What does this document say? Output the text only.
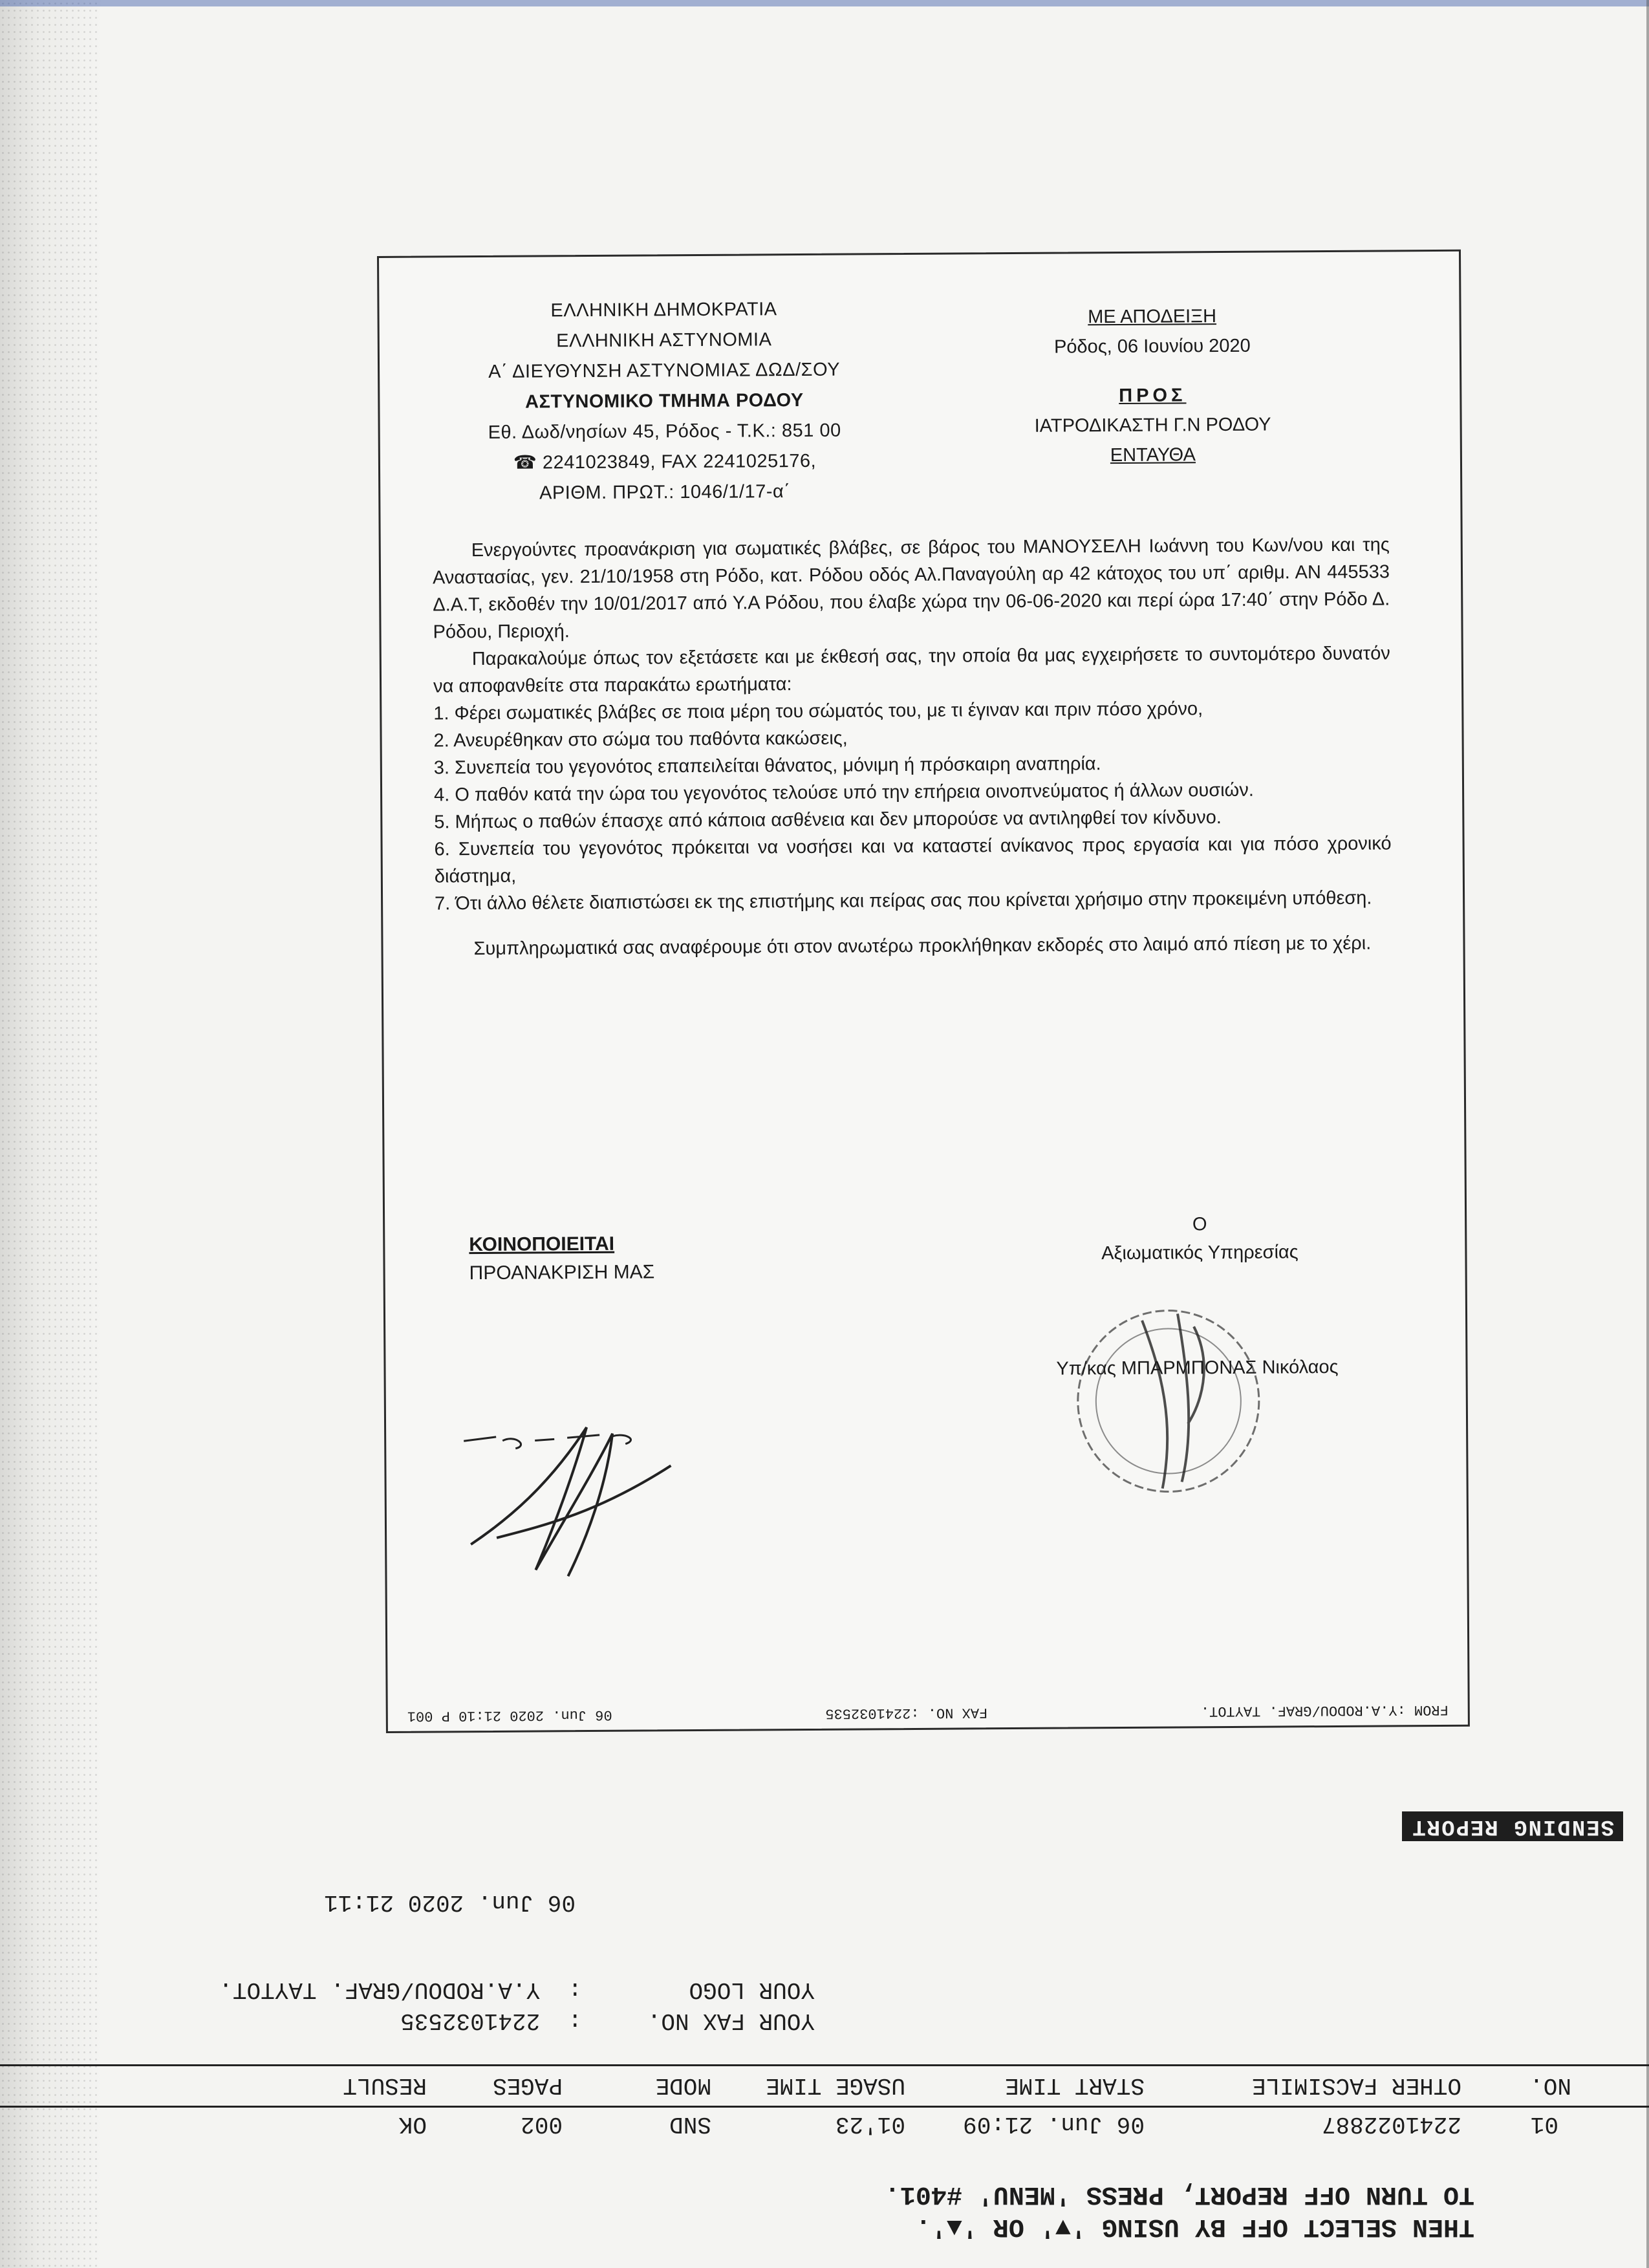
ΕΛΛΗΝΙΚΗ ΔΗΜΟΚΡΑΤΙΑ
ΕΛΛΗΝΙΚΗ ΑΣΤΥΝΟΜΙΑ
Α΄ ΔΙΕΥΘΥΝΣΗ ΑΣΤΥΝΟΜΙΑΣ ΔΩΔ/ΣΟΥ
ΑΣΤΥΝΟΜΙΚΟ ΤΜΗΜΑ ΡΟΔΟΥ
Εθ. Δωδ/νησίων 45, Ρόδος - Τ.Κ.: 851 00
☎ 2241023849, FAX 2241025176,
ΑΡΙΘΜ. ΠΡΩΤ.: 1046/1/17-α΄
ΜΕ ΑΠΟΔΕΙΞΗ
Ρόδος, 06 Ιουνίου 2020
ΠΡΟΣ
ΙΑΤΡΟΔΙΚΑΣΤΗ Γ.Ν ΡΟΔΟΥ
ΕΝΤΑΥΘΑ

Ενεργούντες προανάκριση για σωματικές βλάβες, σε βάρος του ΜΑΝΟΥΣΕΛΗ Ιωάννη του Κων/νου και της Αναστασίας, γεν. 21/10/1958 στη Ρόδο, κατ. Ρόδου οδός Αλ.Παναγούλη αρ 42 κάτοχος του υπ΄ αριθμ. ΑΝ 445533 Δ.Α.Τ, εκδοθέν την 10/01/2017 από Υ.Α Ρόδου, που έλαβε χώρα την 06-06-2020 και περί ώρα 17:40΄ στην Ρόδο Δ. Ρόδου, Περιοχή.

Παρακαλούμε όπως τον εξετάσετε και με έκθεσή σας, την οποία θα μας εγχειρήσετε το συντομότερο δυνατόν να αποφανθείτε στα παρακάτω ερωτήματα:

1. Φέρει σωματικές βλάβες σε ποια μέρη του σώματός του, με τι έγιναν και πριν πόσο χρόνο,

2. Ανευρέθηκαν στο σώμα του παθόντα κακώσεις,

3. Συνεπεία του γεγονότος επαπειλείται θάνατος, μόνιμη ή πρόσκαιρη αναπηρία.

4. Ο παθόν κατά την ώρα του γεγονότος τελούσε υπό την επήρεια οινοπνεύματος ή άλλων ουσιών.

5. Μήπως ο παθών έπασχε από κάποια ασθένεια και δεν μπορούσε να αντιληφθεί τον κίνδυνο.

6. Συνεπεία του γεγονότος πρόκειται να νοσήσει και να καταστεί ανίκανος προς εργασία και για πόσο χρονικό διάστημα,

7. Ότι άλλο θέλετε διαπιστώσει εκ της επιστήμης και πείρας σας που κρίνεται χρήσιμο στην προκειμένη υπόθεση.

Συμπληρωματικά σας αναφέρουμε ότι στον ανωτέρω προκλήθηκαν εκδορές στο λαιμό από πίεση με το χέρι.

ΚΟΙΝΟΠΟΙΕΙΤΑΙ
ΠΡΟΑΝΑΚΡΙΣΗ ΜΑΣ
Ο
Αξιωματικός Υπηρεσίας
Υπ/κας ΜΠΑΡΜΠΟΝΑΣ Νικόλαος
FROM :Y.A.RODOU/GRAF. TAYTOT.
FAX NO. :2241032535
06 Jun. 2020 21:10 P 001
SENDING REPORT
06 Jun. 2020 21:11
YOUR LOGO
:  Y.A.RODOU/GRAF. TAYTOT.
YOUR FAX NO.
:  2241032535
NO.
OTHER FACSIMILE
START TIME
USAGE TIME
MODE
PAGES
RESULT
01
2241022887
06 Jun. 21:09
01'23
SND
002
OK
TO TURN OFF REPORT, PRESS 'MENU' #401.
THEN SELECT OFF BY USING '▼' OR '▲'.
